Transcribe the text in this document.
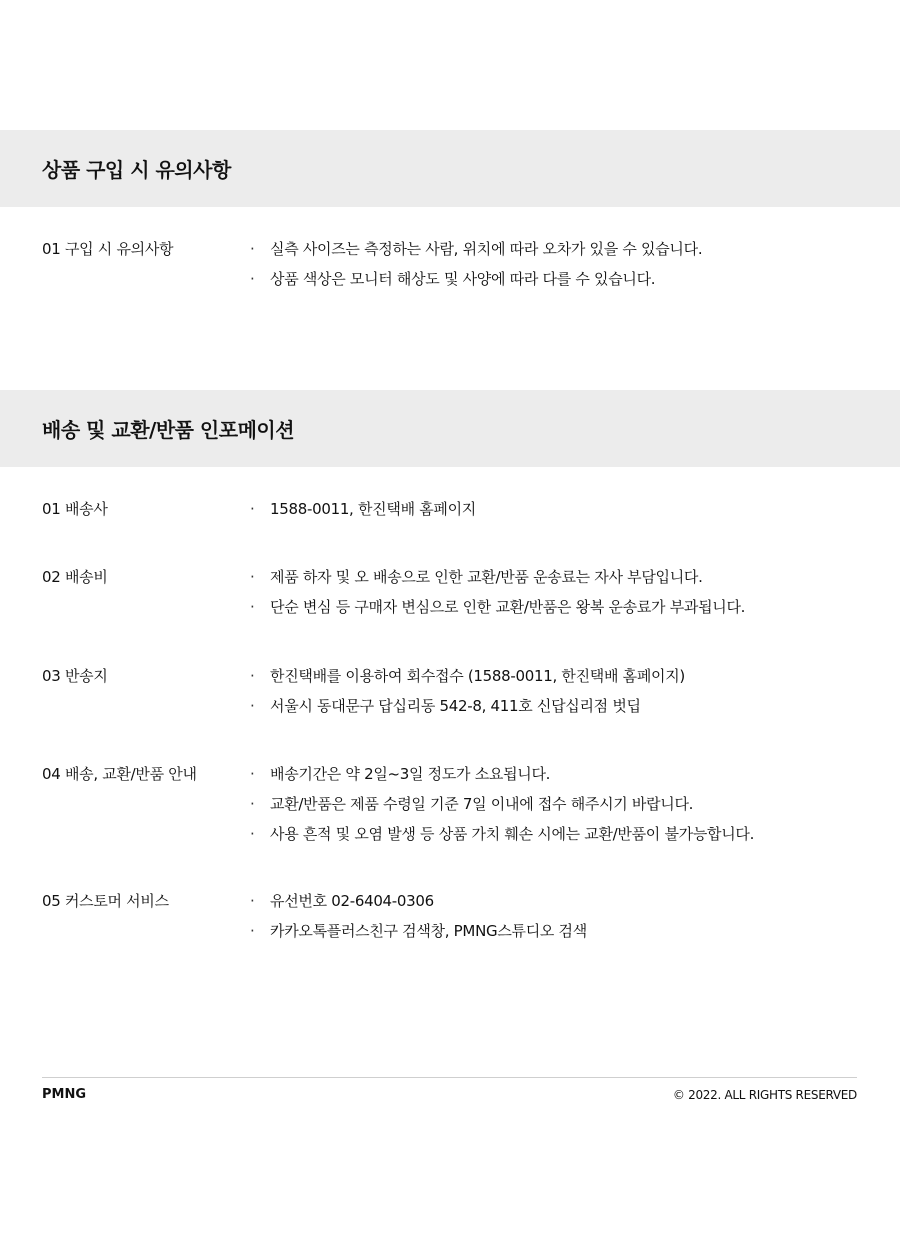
상품 구입 시 유의사항
01 구입 시 유의사항	·	실측 사이즈는 측정하는 사람, 위치에 따라 오차가 있을 수 있습니다.
·	상품 색상은 모니터 해상도 및 사양에 따라 다를 수 있습니다.
배송 및 교환/반품 인포메이션
01 배송사	·	1588-0011, 한진택배 홈페이지
02 배송비	·	제품 하자 및 오 배송으로 인한 교환/반품 운송료는 자사 부담입니다.
·	단순 변심 등 구매자 변심으로 인한 교환/반품은 왕복 운송료가 부과됩니다.
03 반송지	·	한진택배를 이용하여 회수접수 (1588-0011, 한진택배 홈페이지)
·	서울시 동대문구 답십리동 542-8, 411호 신답십리점 벗딥
04 배송, 교환/반품 안내	·	배송기간은 약 2일~3일 정도가 소요됩니다.
·	교환/반품은 제품 수령일 기준 7일 이내에 접수 해주시기 바랍니다.
·	사용 흔적 및 오염 발생 등 상품 가치 훼손 시에는 교환/반품이 불가능합니다.
05 커스토머 서비스	·	유선번호 02-6404-0306
·	카카오톡플러스친구 검색창, PMNG스튜디오 검색
PMNG	© 2022. ALL RIGHTS RESERVED
